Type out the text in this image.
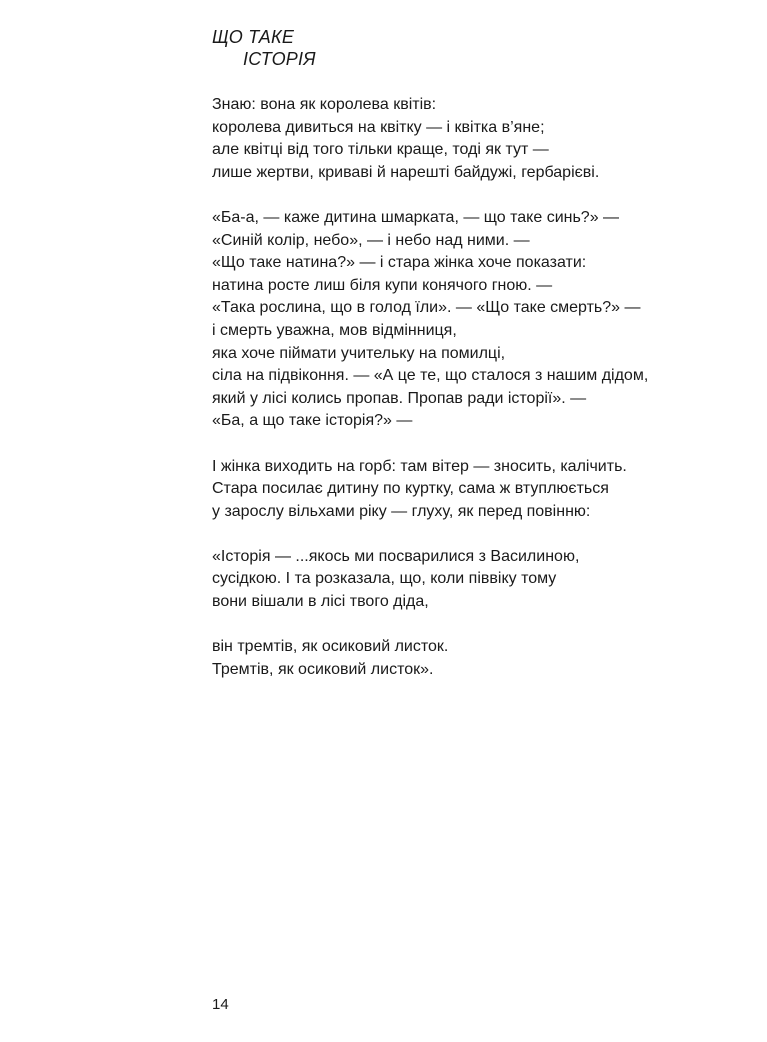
ЩО ТАКЕ
ІСТОРІЯ

Знаю: вона як королева квітів:
королева дивиться на квітку — і квітка в’яне;
але квітці від того тільки краще, тоді як тут —
лише жертви, криваві й нарешті байдужі, гербарієві.

«Ба-а, — каже дитина шмарката, — що таке синь?» —
«Синій колір, небо», — і небо над ними. —
«Що таке натина?» — і стара жінка хоче показати:
натина росте лиш біля купи конячого гною. —
«Така рослина, що в голод їли». — «Що таке смерть?» —
і смерть уважна, мов відмінниця,
яка хоче піймати учительку на помилці,
сіла на підвіконня. — «А це те, що сталося з нашим дідом,
який у лісі колись пропав. Пропав ради історії». —
«Ба, а що таке історія?» —

І жінка виходить на горб: там вітер — зносить, калічить.
Стара посилає дитину по куртку, сама ж втуплюється
у зарослу вільхами ріку — глуху, як перед повінню:

«Історія — ...якось ми посварилися з Василиною,
сусідкою. І та розказала, що, коли піввіку тому
вони вішали в лісі твого діда,

він тремтів, як осиковий листок.
Тремтів, як осиковий листок».

14
